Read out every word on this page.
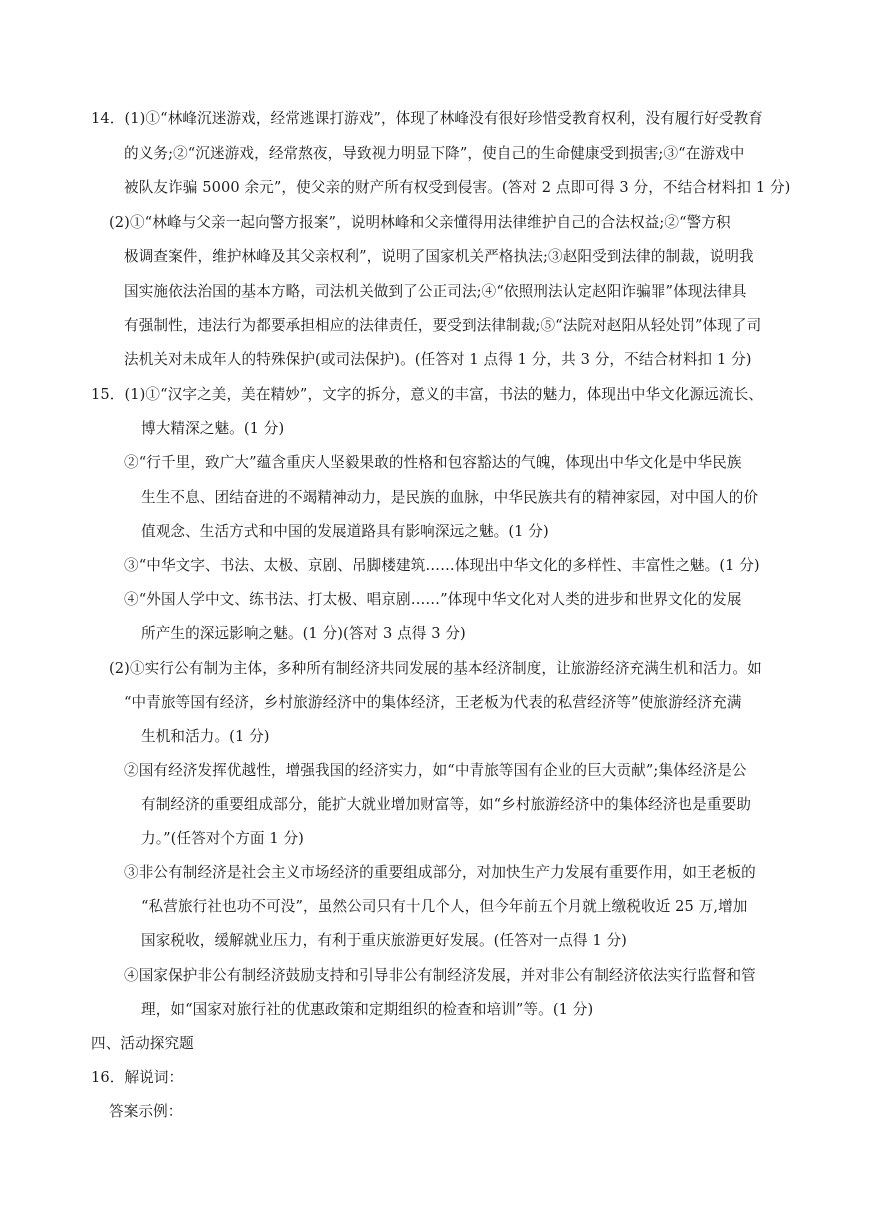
14．(1)①“林峰沉迷游戏，经常逃课打游戏”，体现了林峰没有很好珍惜受教育权利，没有履行好受教育
的义务;②“沉迷游戏，经常熬夜，导致视力明显下降”，使自己的生命健康受到损害;③“在游戏中
被队友诈骗 5000 余元”，使父亲的财产所有权受到侵害。(答对 2 点即可得 3 分，不结合材料扣 1 分)
(2)①“林峰与父亲一起向警方报案”，说明林峰和父亲懂得用法律维护自己的合法权益;②“警方积
极调查案件，维护林峰及其父亲权利”，说明了国家机关严格执法;③赵阳受到法律的制裁，说明我
国实施依法治国的基本方略，司法机关做到了公正司法;④“依照刑法认定赵阳诈骗罪”体现法律具
有强制性，违法行为都要承担相应的法律责任，要受到法律制裁;⑤“法院对赵阳从轻处罚”体现了司
法机关对未成年人的特殊保护(或司法保护)。(任答对 1 点得 1 分，共 3 分，不结合材料扣 1 分)
15．(1)①“汉字之美，美在精妙”，文字的拆分，意义的丰富，书法的魅力，体现出中华文化源远流长、
博大精深之魅。(1 分)
②“行千里，致广大”蕴含重庆人坚毅果敢的性格和包容豁达的气魄，体现出中华文化是中华民族
生生不息、团结奋进的不竭精神动力，是民族的血脉，中华民族共有的精神家园，对中国人的价
值观念、生活方式和中国的发展道路具有影响深远之魅。(1 分)
③“中华文字、书法、太极、京剧、吊脚楼建筑……体现出中华文化的多样性、丰富性之魅。(1 分)
④“外国人学中文、练书法、打太极、唱京剧……”体现中华文化对人类的进步和世界文化的发展
所产生的深远影响之魅。(1 分)(答对 3 点得 3 分)
(2)①实行公有制为主体，多种所有制经济共同发展的基本经济制度，让旅游经济充满生机和活力。如
“中青旅等国有经济，乡村旅游经济中的集体经济，王老板为代表的私营经济等”使旅游经济充满
生机和活力。(1 分)
②国有经济发挥优越性，增强我国的经济实力，如“中青旅等国有企业的巨大贡献”;集体经济是公
有制经济的重要组成部分，能扩大就业增加财富等，如“乡村旅游经济中的集体经济也是重要助
力。”(任答对个方面 1 分)
③非公有制经济是社会主义市场经济的重要组成部分，对加快生产力发展有重要作用，如王老板的
“私营旅行社也功不可没”，虽然公司只有十几个人，但今年前五个月就上缴税收近 25 万,增加
国家税收，缓解就业压力，有利于重庆旅游更好发展。(任答对一点得 1 分)
④国家保护非公有制经济鼓励支持和引导非公有制经济发展，并对非公有制经济依法实行监督和管
理，如“国家对旅行社的优惠政策和定期组织的检查和培训”等。(1 分)
四、活动探究题
16．解说词：
答案示例：
